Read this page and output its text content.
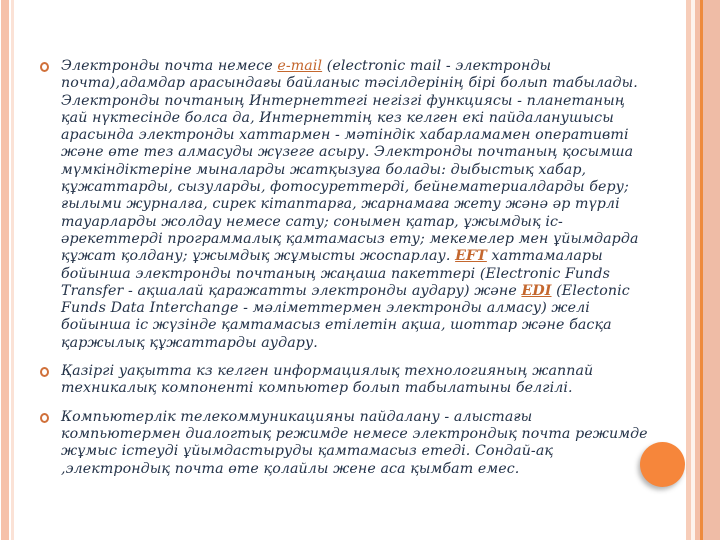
Электронды почта немесе e-mail (electronic mail - электронды почта),адамдар арасындағы байланыс тәсілдерінің бірі болып табылады. Электронды почтаның Интернеттегі негізгі функциясы - планетаның қай нүктесінде болса да, Интернеттің кез келген екі пайдаланушысы арасында электронды хаттармен - мәтіндік хабарламамен оперативті және өте тез алмасуды жүзеге асыру. Электронды почтаның қосымша мүмкіндіктеріне мыналарды жатқызуға болады: дыбыстық хабар, құжаттарды, сызуларды, фотосуреттерді, бейнематериалдарды беру; ғылыми журналға, сирек кітаптарға, жарнамаға жету жәнә әр түрлі тауарларды жолдау немесе сату; сонымен қатар, ұжымдық іс-әрекеттерді программалық қамтамасыз ету; мекемелер мен ұйымдарда құжат қолдану; ұжымдық жұмысты жоспарлау. EFT хаттамалары бойынша электронды почтаның жаңаша пакеттері (Electronic Funds Transfer - ақшалай қаражатты электронды аудару) және EDI (Electonic Funds Data Interchange - мәліметтермен электронды алмасу) желі бойынша іс жүзінде қамтамасыз етілетін ақша, шоттар және басқа қаржылық құжаттарды аудару.
Қазіргі уақытта кз келген информациялық технологияның жаппай техникалық компоненті компьютер болып табылатыны белгілі.
Компьютерлік телекоммуникацияны пайдалану - алыстағы компьютермен диалогтық режимде немесе электрондық почта режимде жұмыс істеуді ұйымдастыруды қамтамасыз етеді. Сондай-ақ ,электрондық почта өте қолайлы жене аса қымбат емес.
